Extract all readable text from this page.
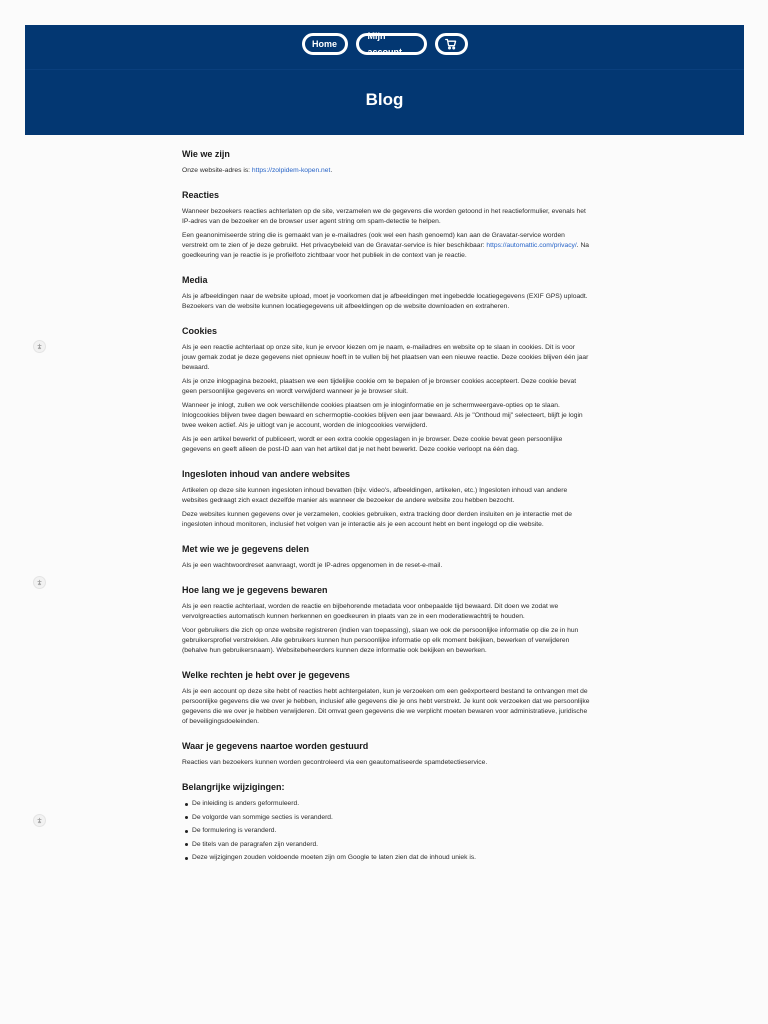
Home
Mijn account
Blog
Wie we zijn

Onze website-adres is: https://zolpidem-kopen.net.

Reacties

Wanneer bezoekers reacties achterlaten op de site, verzamelen we de gegevens die worden getoond in het reactieformulier, evenals het IP-adres van de bezoeker en de browser user agent string om spam-detectie te helpen.

Een geanonimiseerde string die is gemaakt van je e-mailadres (ook wel een hash genoemd) kan aan de Gravatar-service worden verstrekt om te zien of je deze gebruikt. Het privacybeleid van de Gravatar-service is hier beschikbaar: https://automattic.com/privacy/. Na goedkeuring van je reactie is je profielfoto zichtbaar voor het publiek in de context van je reactie.

Media

Als je afbeeldingen naar de website upload, moet je voorkomen dat je afbeeldingen met ingebedde locatiegegevens (EXIF GPS) uploadt. Bezoekers van de website kunnen locatiegegevens uit afbeeldingen op de website downloaden en extraheren.

Cookies

Als je een reactie achterlaat op onze site, kun je ervoor kiezen om je naam, e-mailadres en website op te slaan in cookies. Dit is voor jouw gemak zodat je deze gegevens niet opnieuw hoeft in te vullen bij het plaatsen van een nieuwe reactie. Deze cookies blijven één jaar bewaard.

Als je onze inlogpagina bezoekt, plaatsen we een tijdelijke cookie om te bepalen of je browser cookies accepteert. Deze cookie bevat geen persoonlijke gegevens en wordt verwijderd wanneer je je browser sluit.

Wanneer je inlogt, zullen we ook verschillende cookies plaatsen om je inloginformatie en je schermweergave-opties op te slaan. Inlogcookies blijven twee dagen bewaard en schermoptie-cookies blijven een jaar bewaard. Als je "Onthoud mij" selecteert, blijft je login twee weken actief. Als je uitlogt van je account, worden de inlogcookies verwijderd.

Als je een artikel bewerkt of publiceert, wordt er een extra cookie opgeslagen in je browser. Deze cookie bevat geen persoonlijke gegevens en geeft alleen de post-ID aan van het artikel dat je net hebt bewerkt. Deze cookie verloopt na één dag.

Ingesloten inhoud van andere websites

Artikelen op deze site kunnen ingesloten inhoud bevatten (bijv. video's, afbeeldingen, artikelen, etc.) Ingesloten inhoud van andere websites gedraagt zich exact dezelfde manier als wanneer de bezoeker de andere website zou hebben bezocht.

Deze websites kunnen gegevens over je verzamelen, cookies gebruiken, extra tracking door derden insluiten en je interactie met de ingesloten inhoud monitoren, inclusief het volgen van je interactie als je een account hebt en bent ingelogd op die website.

Met wie we je gegevens delen

Als je een wachtwoordreset aanvraagt, wordt je IP-adres opgenomen in de reset-e-mail.

Hoe lang we je gegevens bewaren

Als je een reactie achterlaat, worden de reactie en bijbehorende metadata voor onbepaalde tijd bewaard. Dit doen we zodat we vervolgreacties automatisch kunnen herkennen en goedkeuren in plaats van ze in een moderatiewachtrij te houden.

Voor gebruikers die zich op onze website registreren (indien van toepassing), slaan we ook de persoonlijke informatie op die ze in hun gebruikersprofiel verstrekken. Alle gebruikers kunnen hun persoonlijke informatie op elk moment bekijken, bewerken of verwijderen (behalve hun gebruikersnaam). Websitebeheerders kunnen deze informatie ook bekijken en bewerken.

Welke rechten je hebt over je gegevens

Als je een account op deze site hebt of reacties hebt achtergelaten, kun je verzoeken om een geëxporteerd bestand te ontvangen met de persoonlijke gegevens die we over je hebben, inclusief alle gegevens die je ons hebt verstrekt. Je kunt ook verzoeken dat we persoonlijke gegevens die we over je hebben verwijderen. Dit omvat geen gegevens die we verplicht moeten bewaren voor administratieve, juridische of beveiligingsdoeleinden.

Waar je gegevens naartoe worden gestuurd

Reacties van bezoekers kunnen worden gecontroleerd via een geautomatiseerde spamdetectieservice.

Belangrijke wijzigingen:
De inleiding is anders geformuleerd.
De volgorde van sommige secties is veranderd.
De formulering is veranderd.
De titels van de paragrafen zijn veranderd.
Deze wijzigingen zouden voldoende moeten zijn om Google te laten zien dat de inhoud uniek is.
